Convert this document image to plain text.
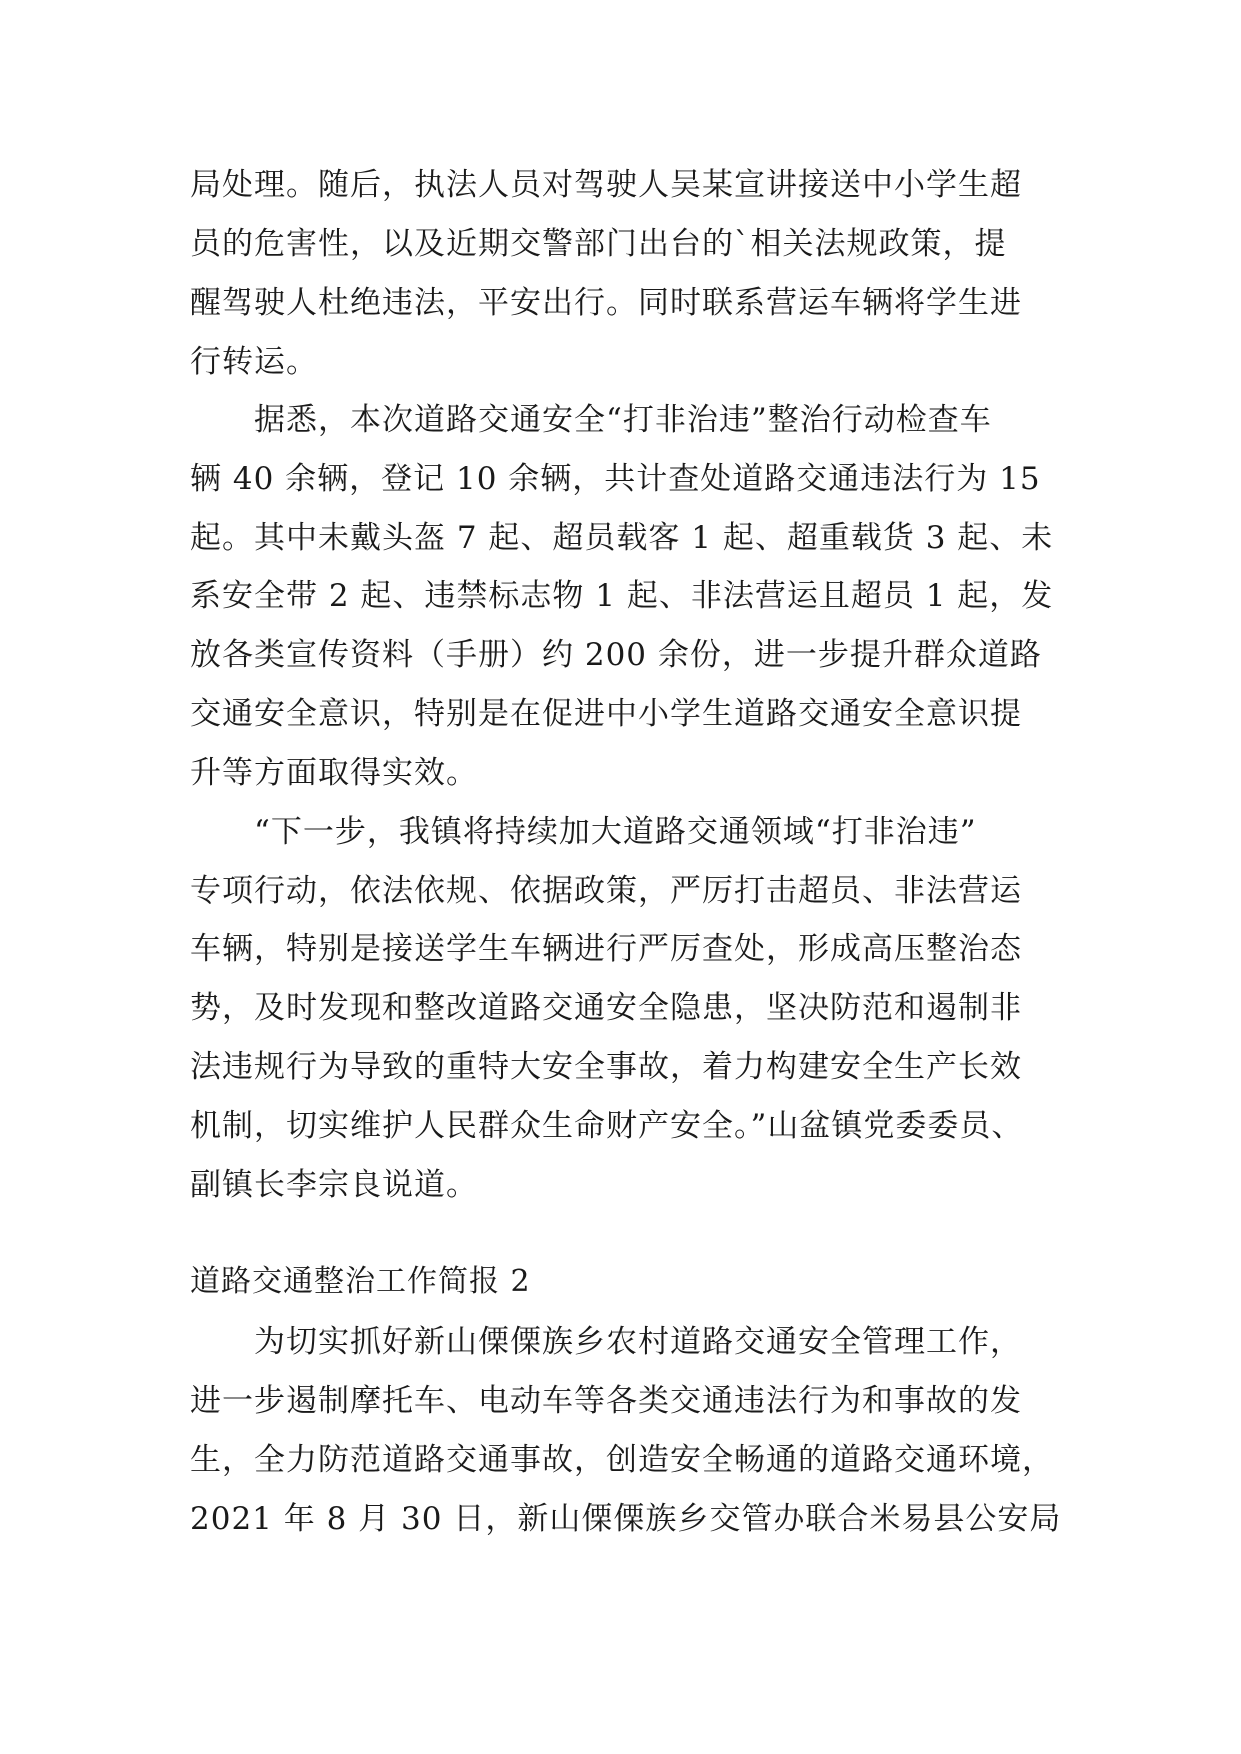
局处理。随后，执法人员对驾驶人吴某宣讲接送中小学生超
员的危害性，以及近期交警部门出台的`相关法规政策，提
醒驾驶人杜绝违法，平安出行。同时联系营运车辆将学生进
行转运。
　　据悉，本次道路交通安全“打非治违”整治行动检查车
辆 40 余辆，登记 10 余辆，共计查处道路交通违法行为 15
起。其中未戴头盔 7 起、超员载客 1 起、超重载货 3 起、未
系安全带 2 起、违禁标志物 1 起、非法营运且超员 1 起，发
放各类宣传资料（手册）约 200 余份，进一步提升群众道路
交通安全意识，特别是在促进中小学生道路交通安全意识提
升等方面取得实效。
　　“下一步，我镇将持续加大道路交通领域“打非治违”
专项行动，依法依规、依据政策，严厉打击超员、非法营运
车辆，特别是接送学生车辆进行严厉查处，形成高压整治态
势，及时发现和整改道路交通安全隐患，坚决防范和遏制非
法违规行为导致的重特大安全事故，着力构建安全生产长效
机制，切实维护人民群众生命财产安全。”山盆镇党委委员、
副镇长李宗良说道。
道路交通整治工作简报 2
　　为切实抓好新山傈傈族乡农村道路交通安全管理工作，
进一步遏制摩托车、电动车等各类交通违法行为和事故的发
生，全力防范道路交通事故，创造安全畅通的道路交通环境，
2021 年 8 月 30 日，新山傈傈族乡交管办联合米易县公安局
